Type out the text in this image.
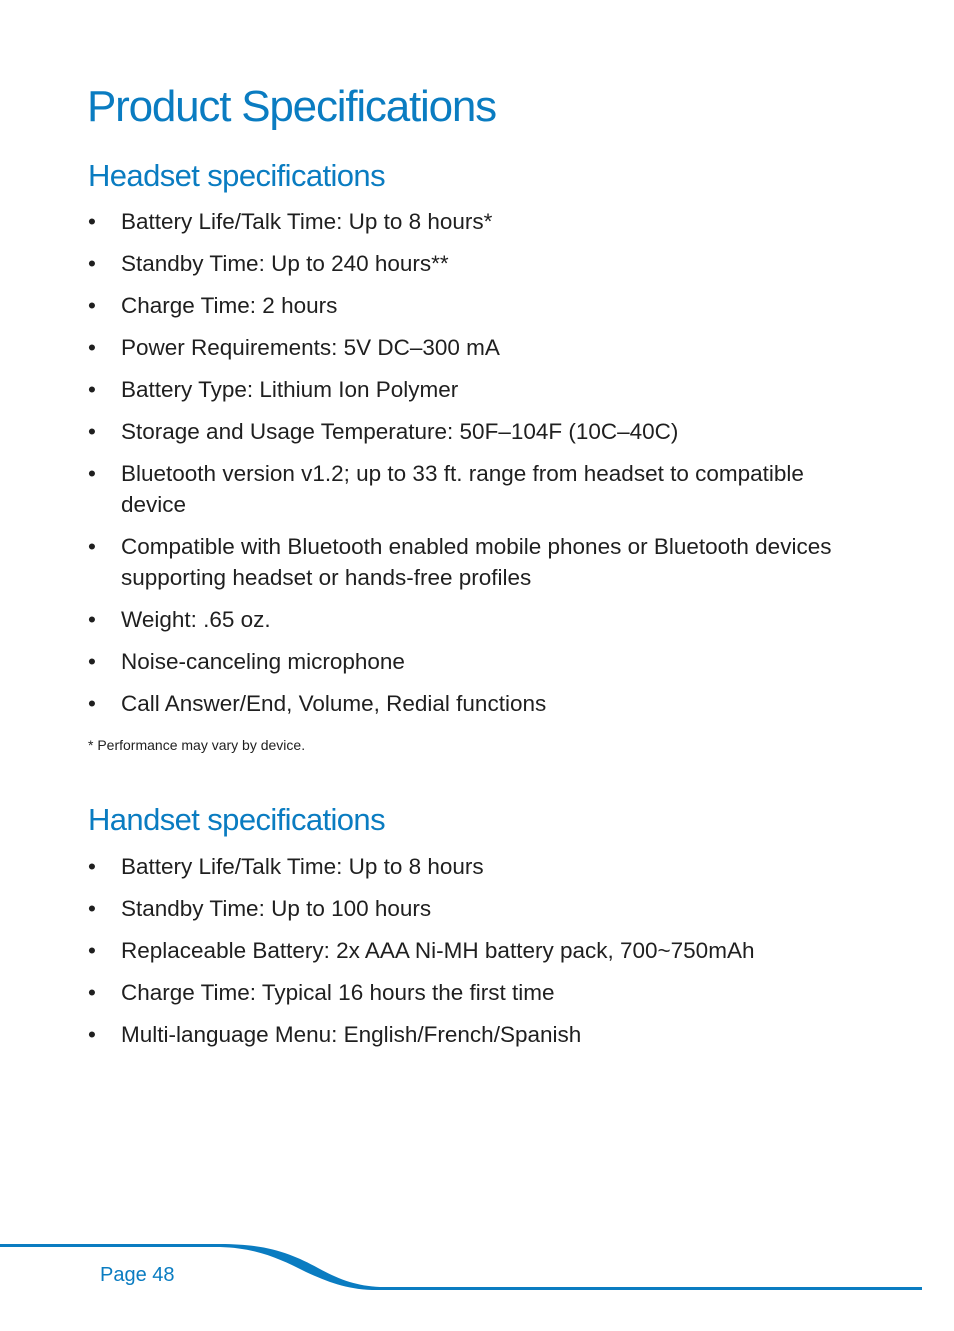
Product Specifications
Headset specifications
• Battery Life/Talk Time: Up to 8 hours*
• Standby Time: Up to 240 hours**
• Charge Time: 2 hours
• Power Requirements: 5V DC–300 mA
• Battery Type: Lithium Ion Polymer
• Storage and Usage Temperature: 50F–104F (10C–40C)
• Bluetooth version v1.2; up to 33 ft. range from headset to compatible device
• Compatible with Bluetooth enabled mobile phones or Bluetooth devices supporting headset or hands-free profiles
• Weight: .65 oz.
• Noise-canceling microphone
• Call Answer/End, Volume, Redial functions

* Performance may vary by device.

Handset specifications
• Battery Life/Talk Time: Up to 8 hours
• Standby Time: Up to 100 hours
• Replaceable Battery: 2x AAA Ni-MH battery pack, 700~750mAh
• Charge Time: Typical 16 hours the first time
• Multi-language Menu: English/French/Spanish

Page 48
